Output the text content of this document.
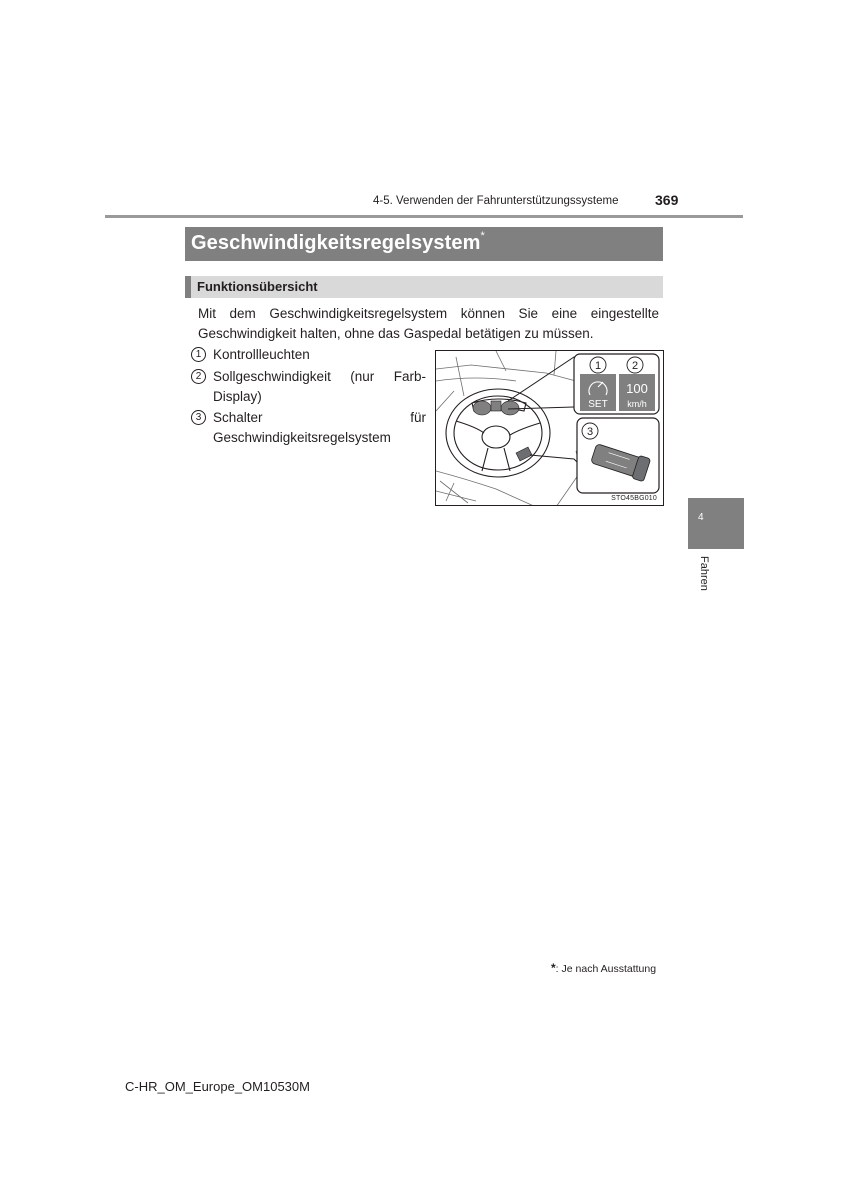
4-5. Verwenden der Fahrunterstützungssysteme	369
Geschwindigkeitsregelsystem*
Funktionsübersicht

Mit dem Geschwindigkeitsregelsystem können Sie eine eingestellte Geschwindigkeit halten, ohne das Gaspedal betätigen zu müssen.

1 Kontrollleuchten
2 Sollgeschwindigkeit (nur Farb-Display)
3 Schalter für Geschwindigkeitsregelsystem
1	2
3
SET
100
km/h
STO45BG010
4
Fahren
*: Je nach Ausstattung
C-HR_OM_Europe_OM10530M
